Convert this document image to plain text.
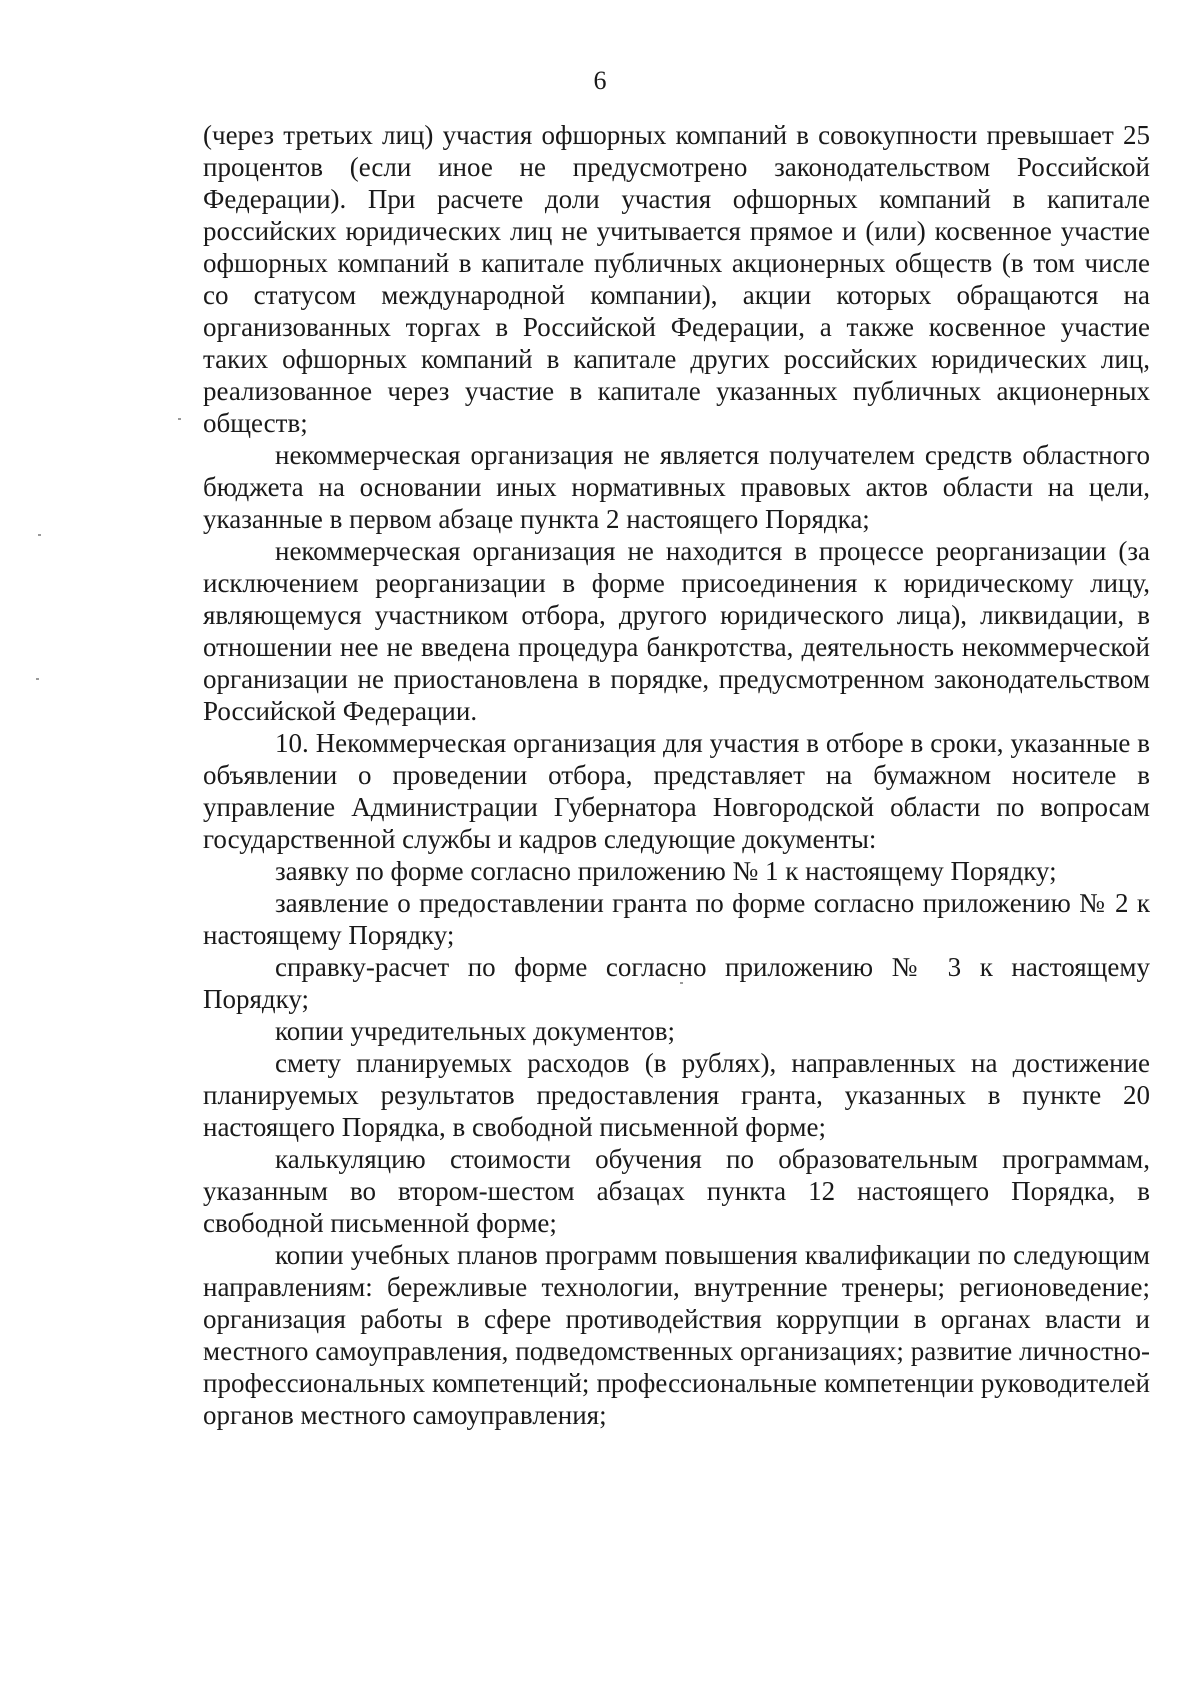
6

(через третьих лиц) участия офшорных компаний в совокупности превышает 25 процентов (если иное не предусмотрено законодательством Российской Федерации). При расчете доли участия офшорных компаний в капитале российских юридических лиц не учитывается прямое и (или) косвенное участие офшорных компаний в капитале публичных акционерных обществ (в том числе со статусом международной компании), акции которых обращаются на организованных торгах в Российской Федерации, а также косвенное участие таких офшорных компаний в капитале других российских юридических лиц, реализованное через участие в капитале указанных публичных акционерных обществ;

некоммерческая организация не является получателем средств областного бюджета на основании иных нормативных правовых актов области на цели, указанные в первом абзаце пункта 2 настоящего Порядка;

некоммерческая организация не находится в процессе реорганизации (за исключением реорганизации в форме присоединения к юридическому лицу, являющемуся участником отбора, другого юридического лица), ликвидации, в отношении нее не введена процедура банкротства, деятельность некоммерческой организации не приостановлена в порядке, предусмотренном законодательством Российской Федерации.

10. Некоммерческая организация для участия в отборе в сроки, указанные в объявлении о проведении отбора, представляет на бумажном носителе в управление Администрации Губернатора Новгородской области по вопросам государственной службы и кадров следующие документы:

заявку по форме согласно приложению № 1 к настоящему Порядку;

заявление о предоставлении гранта по форме согласно приложению № 2 к настоящему Порядку;

справку-расчет по форме согласно приложению № 3 к настоящему Порядку;

копии учредительных документов;

смету планируемых расходов (в рублях), направленных на достижение планируемых результатов предоставления гранта, указанных в пункте 20 настоящего Порядка, в свободной письменной форме;

калькуляцию стоимости обучения по образовательным программам, указанным во втором-шестом абзацах пункта 12 настоящего Порядка, в свободной письменной форме;

копии учебных планов программ повышения квалификации по следующим направлениям: бережливые технологии, внутренние тренеры; регионоведение; организация работы в сфере противодействия коррупции в органах власти и местного самоуправления, подведомственных организациях; развитие личностно-профессиональных компетенций; профессиональные компетенции руководителей органов местного самоуправления;
